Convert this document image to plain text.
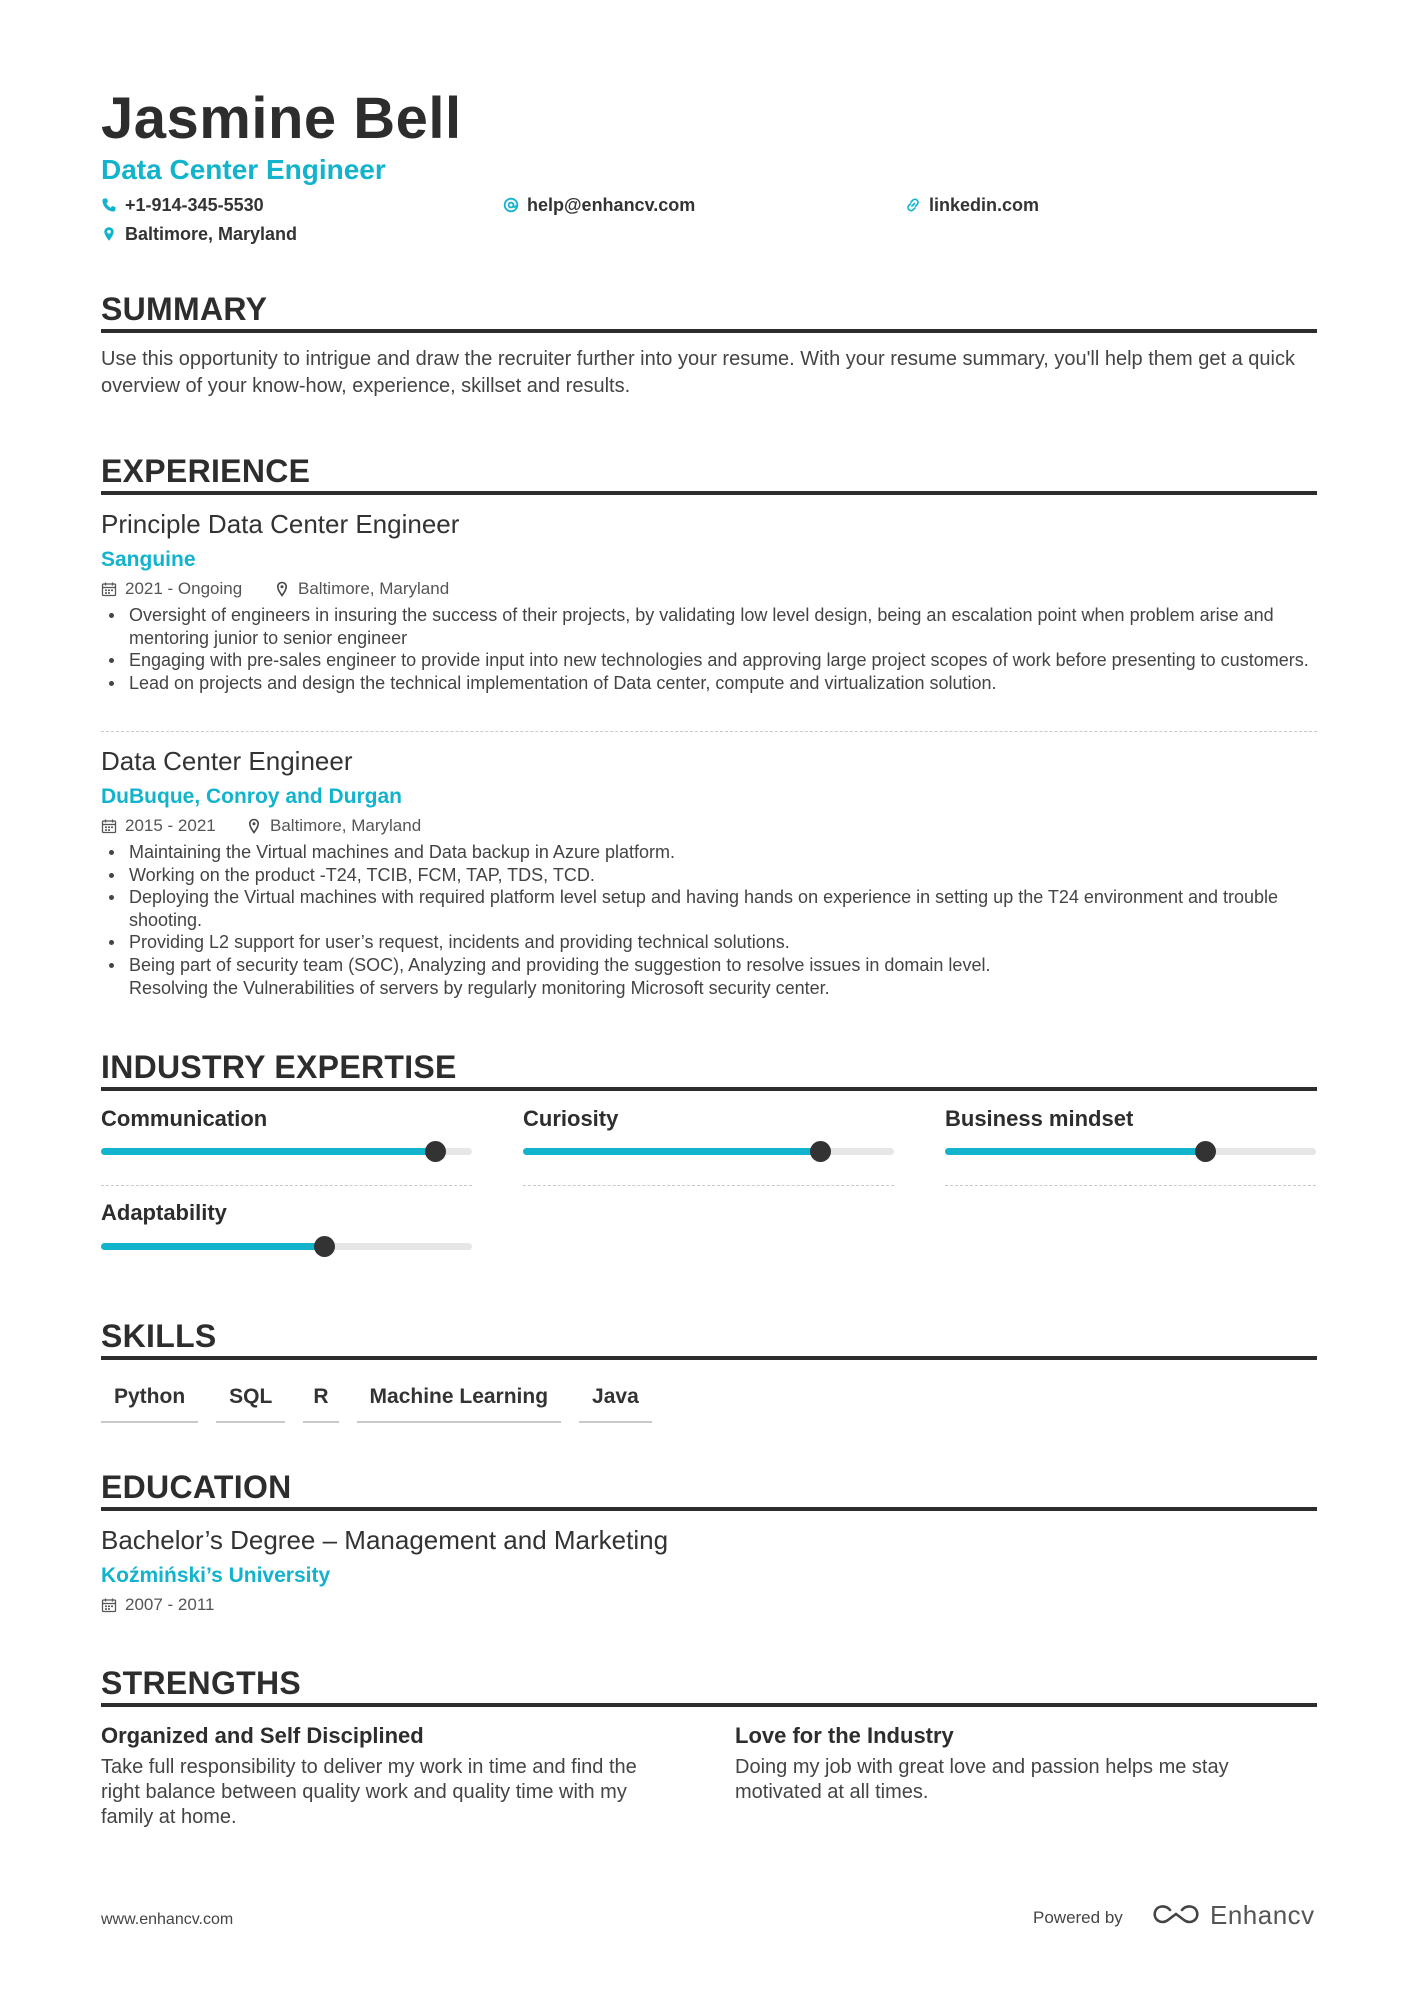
Jasmine Bell
Data Center Engineer
+1-914-345-5530	help@enhancv.com	linkedin.com
Baltimore, Maryland
SUMMARY
Use this opportunity to intrigue and draw the recruiter further into your resume. With your resume summary, you'll help them get a quick overview of your know-how, experience, skillset and results.
EXPERIENCE
Principle Data Center Engineer
Sanguine
2021 - Ongoing	Baltimore, Maryland
Oversight of engineers in insuring the success of their projects, by validating low level design, being an escalation point when problem arise and mentoring junior to senior engineer
Engaging with pre-sales engineer to provide input into new technologies and approving large project scopes of work before presenting to customers.
Lead on projects and design the technical implementation of Data center, compute and virtualization solution.
Data Center Engineer
DuBuque, Conroy and Durgan
2015 - 2021	Baltimore, Maryland
Maintaining the Virtual machines and Data backup in Azure platform.
Working on the product -T24, TCIB, FCM, TAP, TDS, TCD.
Deploying the Virtual machines with required platform level setup and having hands on experience in setting up the T24 environment and trouble shooting.
Providing L2 support for user’s request, incidents and providing technical solutions.
Being part of security team (SOC), Analyzing and providing the suggestion to resolve issues in domain level. Resolving the Vulnerabilities of servers by regularly monitoring Microsoft security center.
INDUSTRY EXPERTISE
Communication	Curiosity	Business mindset
Adaptability
SKILLS
Python	SQL	R	Machine Learning	Java
EDUCATION
Bachelor’s Degree – Management and Marketing
Koźmiński’s University
2007 - 2011
STRENGTHS
Organized and Self Disciplined
Take full responsibility to deliver my work in time and find the right balance between quality work and quality time with my family at home.
Love for the Industry
Doing my job with great love and passion helps me stay motivated at all times.
www.enhancv.com	Powered by	Enhancv
